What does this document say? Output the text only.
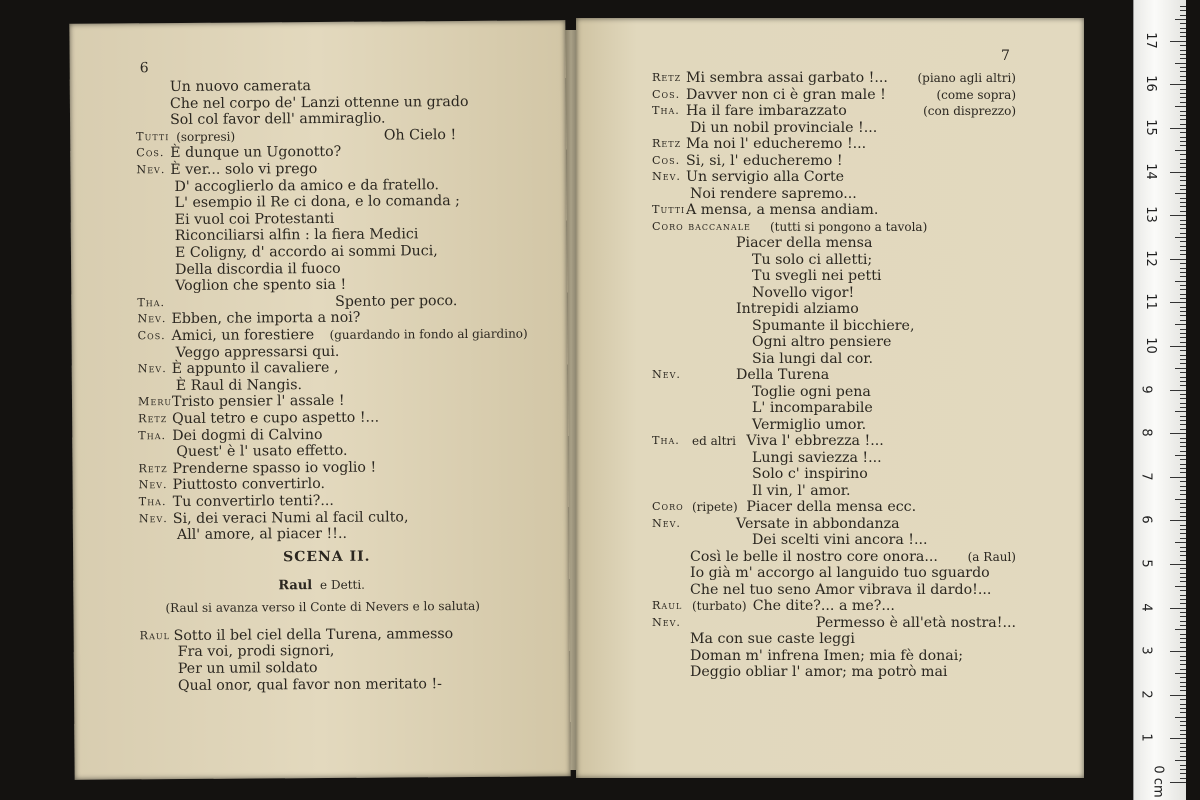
6
Un nuovo camerata
Che nel corpo de' Lanzi ottenne un grado
Sol col favor dell' ammiraglio.
Tutti (sorpresi)	Oh Cielo !
Cos. È dunque un Ugonotto?
Nev. È ver... solo vi prego
D' accoglierlo da amico e da fratello.
L' esempio il Re ci dona, e lo comanda ;
Ei vuol coi Protestanti
Riconciliarsi alfin : la fiera Medici
E Coligny, d' accordo ai sommi Duci,
Della discordia il fuoco
Voglion che spento sia !
Tha.	Spento per poco.
Nev. Ebben, che importa a noi?
Cos. Amici, un forestiere (guardando in fondo al giardino)
Veggo appressarsi qui.
Nev. È appunto il cavaliere ,
È Raul di Nangis.
Meru Tristo pensier l' assale !
Retz Qual tetro e cupo aspetto !...
Tha. Dei dogmi di Calvino
Quest' è l' usato effetto.
Retz Prenderne spasso io voglio !
Nev. Piuttosto convertirlo.
Tha. Tu convertirlo tenti?...
Nev. Si, dei veraci Numi al facil culto,
All' amore, al piacer !!..
SCENA II.
Raul e Detti.
(Raul si avanza verso il Conte di Nevers e lo saluta)
Raul Sotto il bel ciel della Turena, ammesso
Fra voi, prodi signori,
Per un umil soldato
Qual onor, qual favor non meritato !-
7
Retz Mi sembra assai garbato !... (piano agli altri)
Cos. Davver non ci è gran male !	(come sopra)
Tha. Ha il fare imbarazzato	(con disprezzo)
Di un nobil provinciale !...
Retz Ma noi l' educheremo !...
Cos. Si, si, l' educheremo !
Nev. Un servigio alla Corte
Noi rendere sapremo...
Tutti A mensa, a mensa andiam.
Coro baccanale (tutti si pongono a tavola)
Piacer della mensa
Tu solo ci alletti;
Tu svegli nei petti
Novello vigor!
Intrepidi alziamo
Spumante il bicchiere,
Ogni altro pensiere
Sia lungi dal cor.
Nev.	Della Turena
Toglie ogni pena
L' incomparabile
Vermiglio umor.
Tha. ed altri Viva l' ebbrezza !...
Lungi saviezza !...
Solo c' inspirino
Il vin, l' amor.
Coro (ripete) Piacer della mensa ecc.
Nev.	Versate in abbondanza
Dei scelti vini ancora !...
Così le belle il nostro core onora... (a Raul)
Io già m' accorgo al languido tuo sguardo
Che nel tuo seno Amor vibrava il dardo!...
Raul (turbato) Che dite?... a me?...
Nev.	Permesso è all'età nostra!...
Ma con sue caste leggi
Doman m' infrena Imen; mia fè donai;
Deggio obliar l' amor; ma potrò mai
0 cm
1
2
3
4
5
6
7
8
9
10
11
12
13
14
15
16
17
